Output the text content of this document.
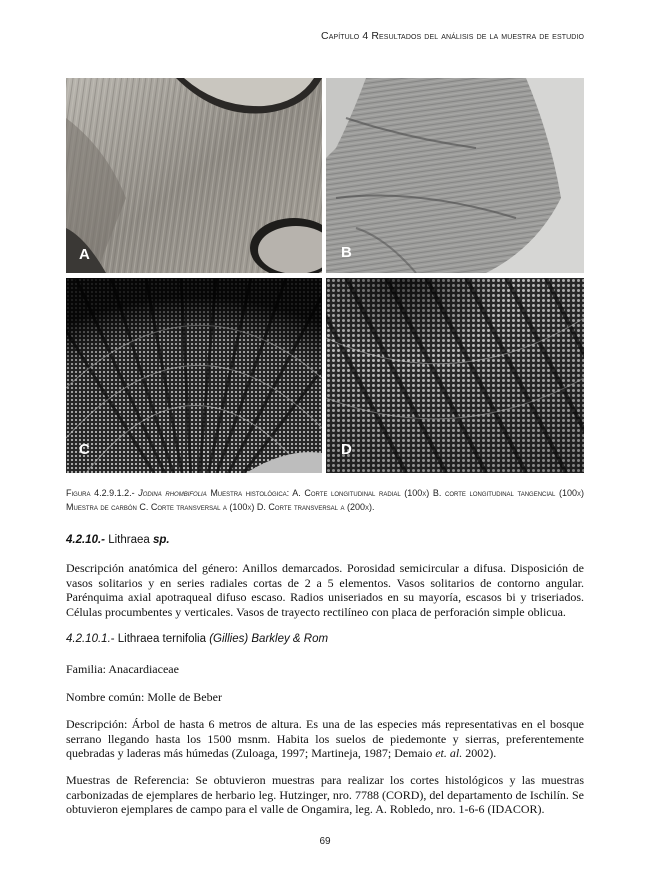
Capítulo 4 Resultados del análisis de la muestra de estudio
A	B
C	D
Figura 4.2.9.1.2.- Jodina rhombifolia Muestra histológica: A. Corte longitudinal radial (100x) B. corte longitudinal tangencial (100x) Muestra de carbón C. Corte transversal a (100x) D. Corte transversal a (200x).
4.2.10.- Lithraea sp.
Descripción anatómica del género: Anillos demarcados. Porosidad semicircular a difusa. Disposición de vasos solitarios y en series radiales cortas de 2 a 5 elementos. Vasos solitarios de contorno angular. Parénquima axial apotraqueal difuso escaso. Radios uniseriados en su mayoría, escasos bi y triseriados. Células procumbentes y verticales. Vasos de trayecto rectilíneo con placa de perforación simple oblicua.
4.2.10.1.- Lithraea ternifolia (Gillies) Barkley & Rom
Familia: Anacardiaceae
Nombre común: Molle de Beber
Descripción: Árbol de hasta 6 metros de altura. Es una de las especies más representativas en el bosque serrano llegando hasta los 1500 msnm. Habita los suelos de piedemonte y sierras, preferentemente quebradas y laderas más húmedas (Zuloaga, 1997; Martineja, 1987; Demaio et. al. 2002).
Muestras de Referencia: Se obtuvieron muestras para realizar los cortes histológicos y las muestras carbonizadas de ejemplares de herbario leg. Hutzinger, nro. 7788 (CORD), del departamento de Ischilín. Se obtuvieron ejemplares de campo para el valle de Ongamira, leg. A. Robledo, nro. 1-6-6 (IDACOR).
69
